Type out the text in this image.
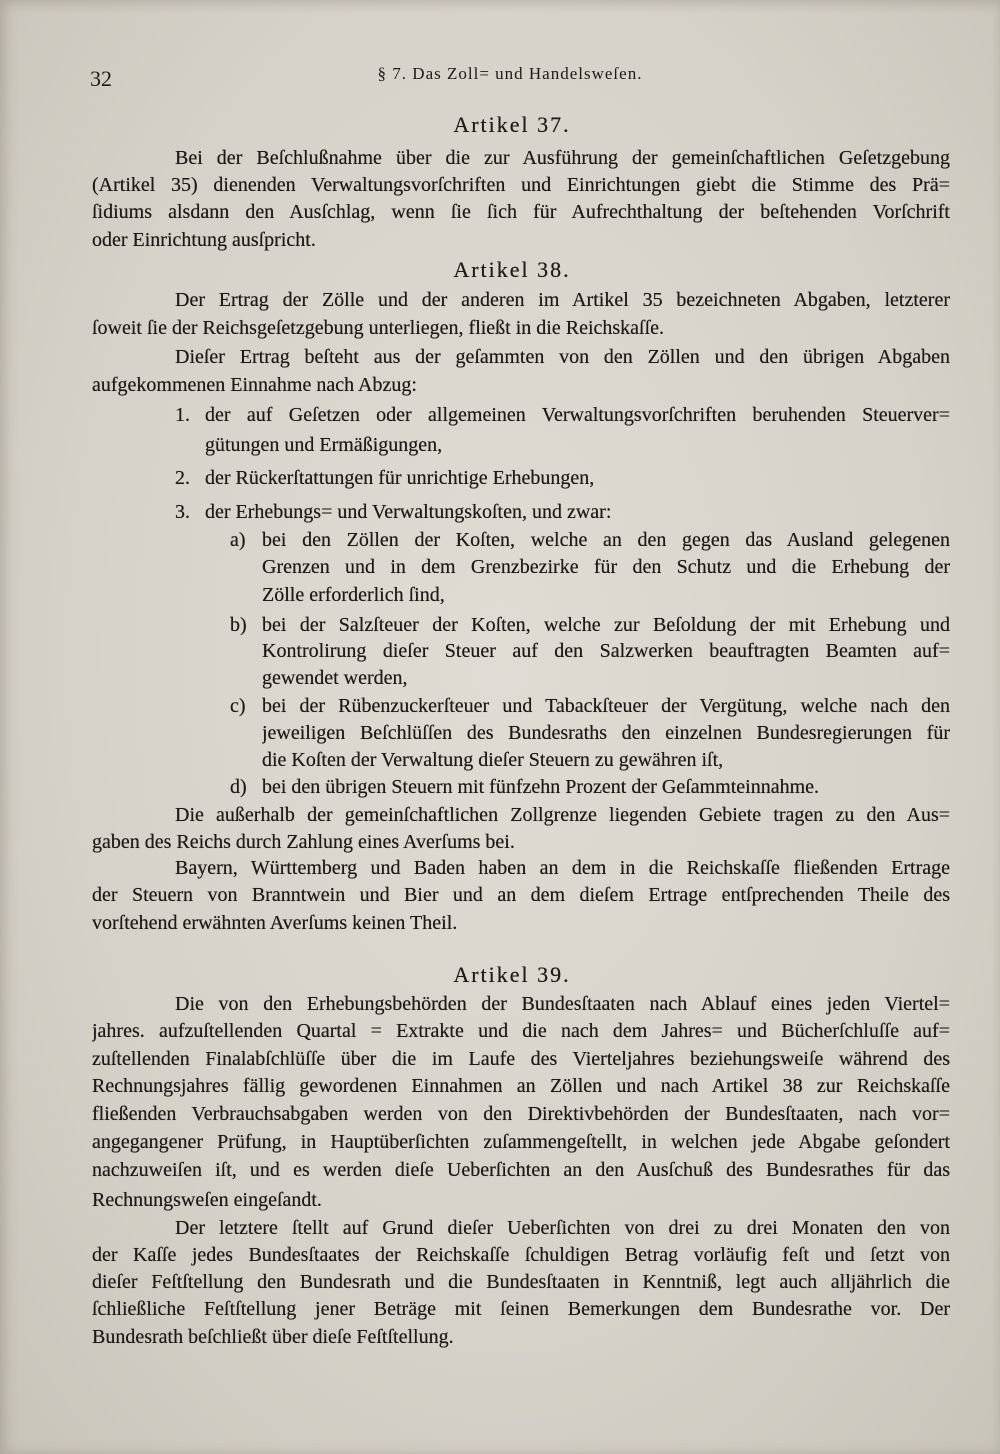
32	§ 7. Das Zoll= und Handelsweſen.
Artikel 37.
Bei der Beſchlußnahme über die zur Ausführung der gemeinſchaftlichen Geſetzgebung
(Artikel 35) dienenden Verwaltungsvorſchriften und Einrichtungen giebt die Stimme des Prä=
ſidiums alsdann den Ausſchlag, wenn ſie ſich für Aufrechthaltung der beſtehenden Vorſchrift
oder Einrichtung ausſpricht.
Artikel 38.
Der Ertrag der Zölle und der anderen im Artikel 35 bezeichneten Abgaben, letzterer
ſoweit ſie der Reichsgeſetzgebung unterliegen, fließt in die Reichskaſſe.
Dieſer Ertrag beſteht aus der geſammten von den Zöllen und den übrigen Abgaben
aufgekommenen Einnahme nach Abzug:
1. der auf Geſetzen oder allgemeinen Verwaltungsvorſchriften beruhenden Steuerver=
gütungen und Ermäßigungen,
2. der Rückerſtattungen für unrichtige Erhebungen,
3. der Erhebungs= und Verwaltungskoſten, und zwar:
a) bei den Zöllen der Koſten, welche an den gegen das Ausland gelegenen
Grenzen und in dem Grenzbezirke für den Schutz und die Erhebung der
Zölle erforderlich ſind,
b) bei der Salzſteuer der Koſten, welche zur Beſoldung der mit Erhebung und
Kontrolirung dieſer Steuer auf den Salzwerken beauftragten Beamten auf=
gewendet werden,
c) bei der Rübenzuckerſteuer und Tabackſteuer der Vergütung, welche nach den
jeweiligen Beſchlüſſen des Bundesraths den einzelnen Bundesregierungen für
die Koſten der Verwaltung dieſer Steuern zu gewähren iſt,
d) bei den übrigen Steuern mit fünfzehn Prozent der Geſammteinnahme.
Die außerhalb der gemeinſchaftlichen Zollgrenze liegenden Gebiete tragen zu den Aus=
gaben des Reichs durch Zahlung eines Averſums bei.
Bayern, Württemberg und Baden haben an dem in die Reichskaſſe fließenden Ertrage
der Steuern von Branntwein und Bier und an dem dieſem Ertrage entſprechenden Theile des
vorſtehend erwähnten Averſums keinen Theil.
Artikel 39.
Die von den Erhebungsbehörden der Bundesſtaaten nach Ablauf eines jeden Viertel=
jahres. aufzuſtellenden Quartal = Extrakte und die nach dem Jahres= und Bücherſchluſſe auf=
zuſtellenden Finalabſchlüſſe über die im Laufe des Vierteljahres beziehungsweiſe während des
Rechnungsjahres fällig gewordenen Einnahmen an Zöllen und nach Artikel 38 zur Reichskaſſe
fließenden Verbrauchsabgaben werden von den Direktivbehörden der Bundesſtaaten, nach vor=
angegangener Prüfung, in Hauptüberſichten zuſammengeſtellt, in welchen jede Abgabe geſondert
nachzuweiſen iſt, und es werden dieſe Ueberſichten an den Ausſchuß des Bundesrathes für das
Rechnungsweſen eingeſandt.
Der letztere ſtellt auf Grund dieſer Ueberſichten von drei zu drei Monaten den von
der Kaſſe jedes Bundesſtaates der Reichskaſſe ſchuldigen Betrag vorläufig feſt und ſetzt von
dieſer Feſtſtellung den Bundesrath und die Bundesſtaaten in Kenntniß, legt auch alljährlich die
ſchließliche Feſtſtellung jener Beträge mit ſeinen Bemerkungen dem Bundesrathe vor. Der
Bundesrath beſchließt über dieſe Feſtſtellung.
